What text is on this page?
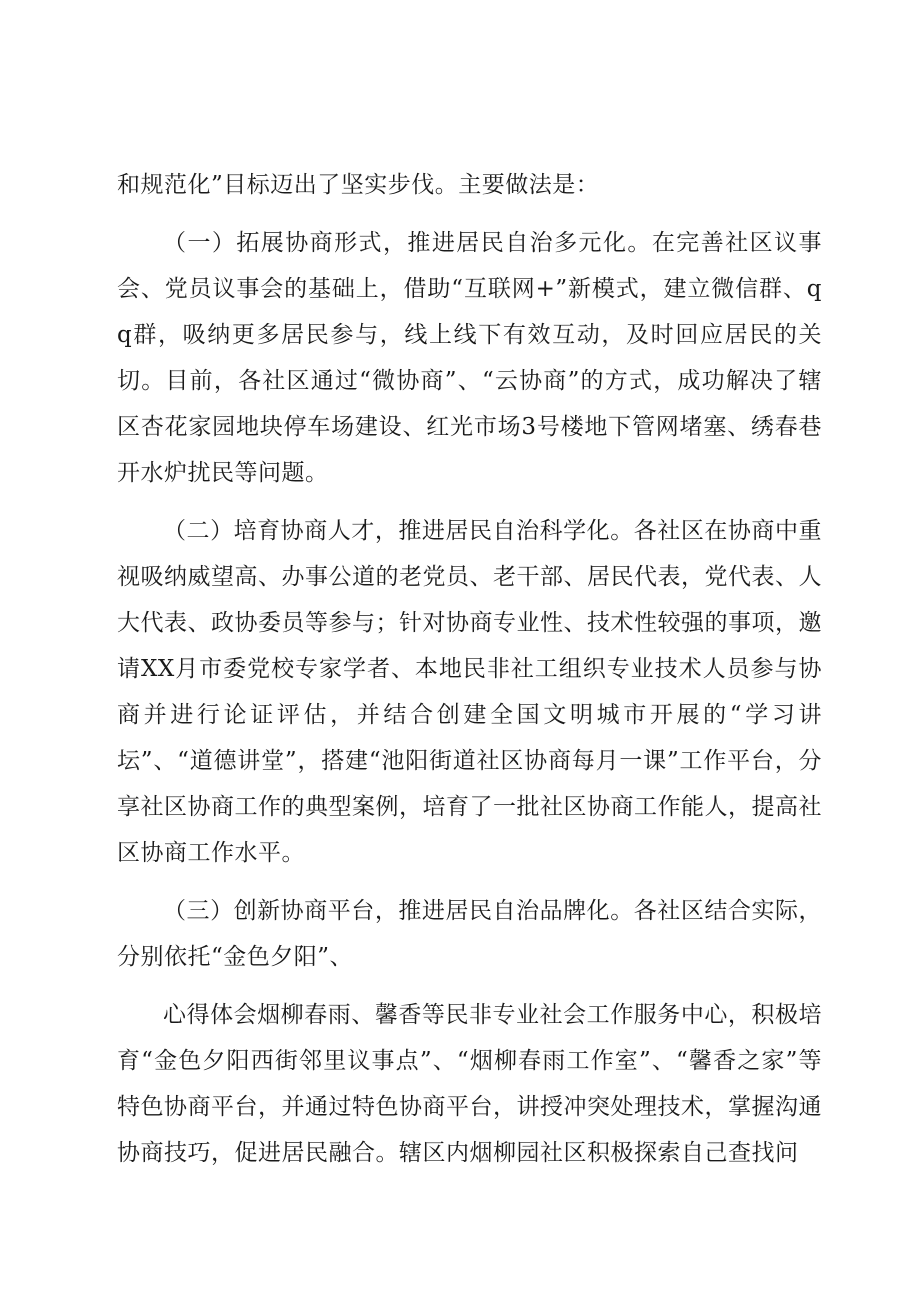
和规范化”目标迈出了坚实步伐。主要做法是：

（一）拓展协商形式，推进居民自治多元化。在完善社区议事会、党员议事会的基础上，借助“互联网+”新模式，建立微信群、qq群，吸纳更多居民参与，线上线下有效互动，及时回应居民的关切。目前，各社区通过“微协商”、“云协商”的方式，成功解决了辖区杏花家园地块停车场建设、红光市场3号楼地下管网堵塞、绣春巷开水炉扰民等问题。

（二）培育协商人才，推进居民自治科学化。各社区在协商中重视吸纳威望高、办事公道的老党员、老干部、居民代表，党代表、人大代表、政协委员等参与；针对协商专业性、技术性较强的事项，邀请XX月市委党校专家学者、本地民非社工组织专业技术人员参与协商并进行论证评估，并结合创建全国文明城市开展的“学习讲坛”、“道德讲堂”，搭建“池阳街道社区协商每月一课”工作平台，分享社区协商工作的典型案例，培育了一批社区协商工作能人，提高社区协商工作水平。

（三）创新协商平台，推进居民自治品牌化。各社区结合实际，分别依托“金色夕阳”、

心得体会烟柳春雨、馨香等民非专业社会工作服务中心，积极培育“金色夕阳西街邻里议事点”、“烟柳春雨工作室”、“馨香之家”等特色协商平台，并通过特色协商平台，讲授冲突处理技术，掌握沟通协商技巧，促进居民融合。辖区内烟柳园社区积极探索自己查找问
